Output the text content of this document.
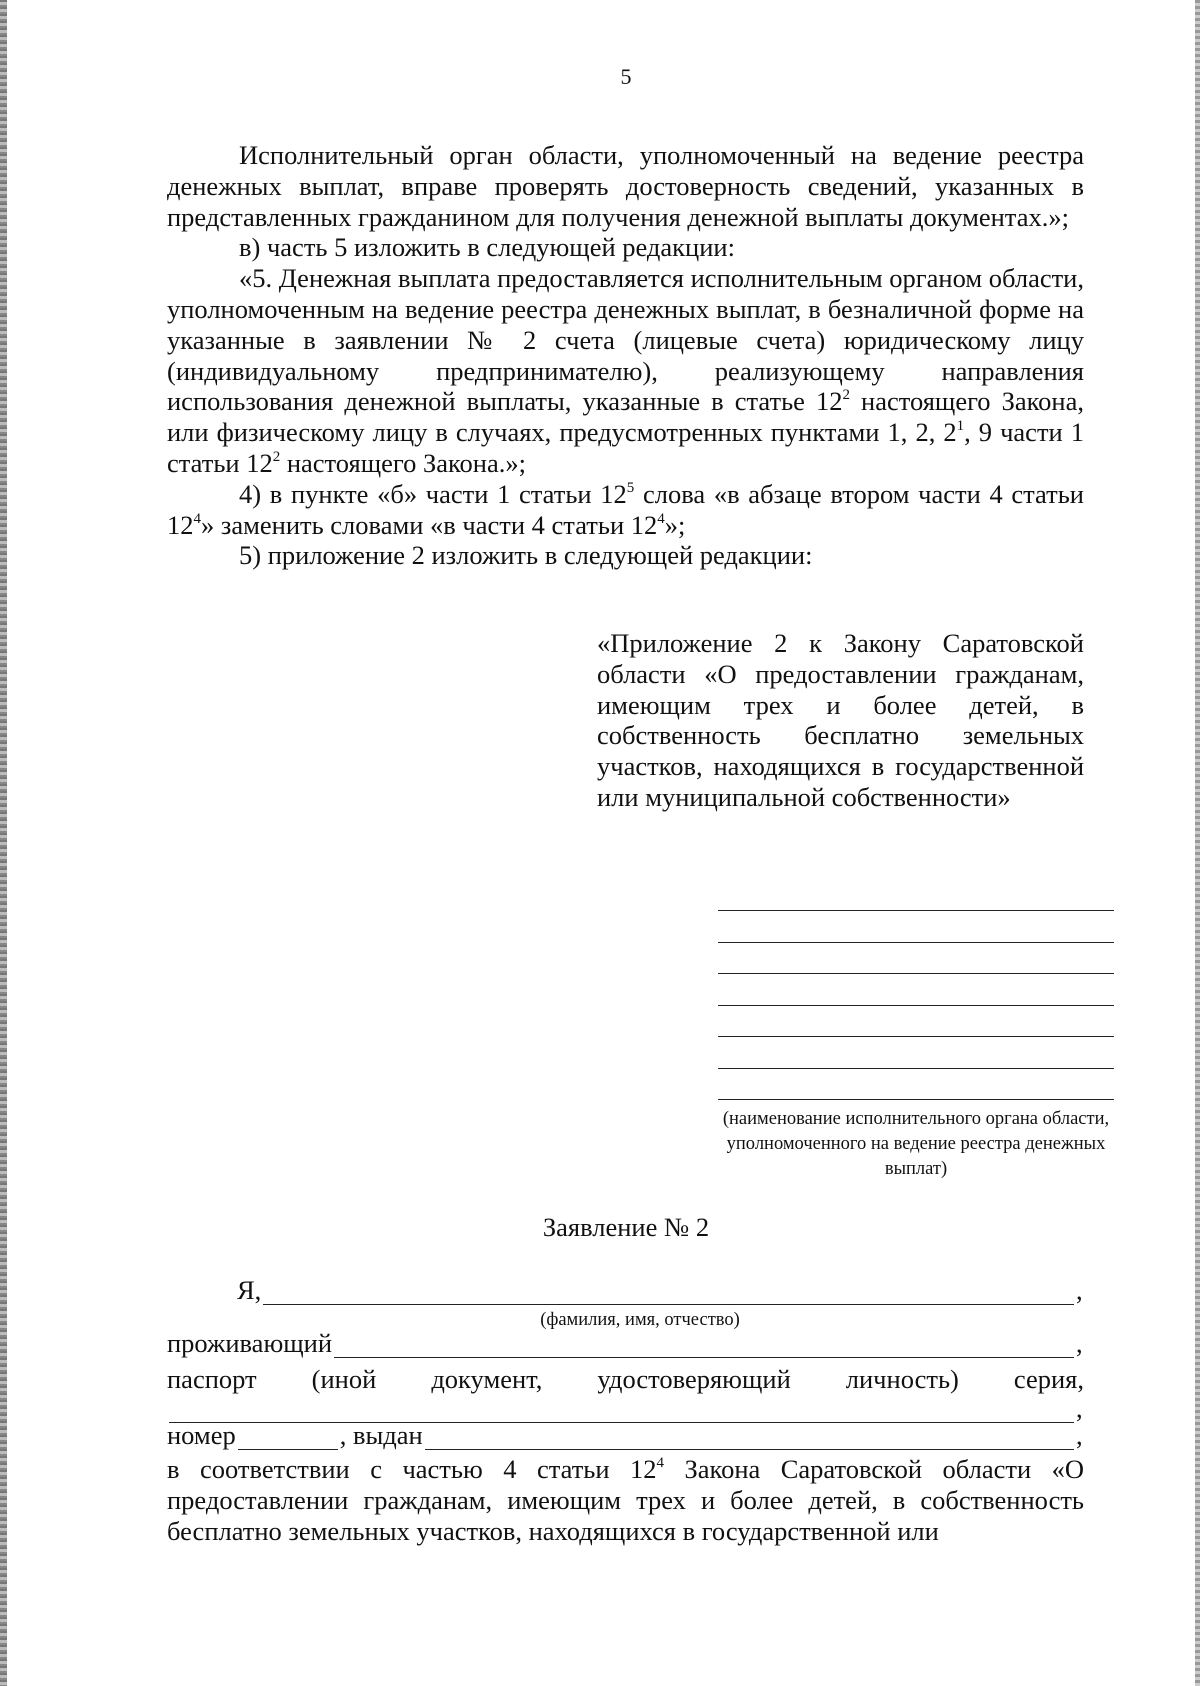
5

Исполнительный орган области, уполномоченный на ведение реестра денежных выплат, вправе проверять достоверность сведений, указанных в представленных гражданином для получения денежной выплаты документах.»;

в) часть 5 изложить в следующей редакции:

«5. Денежная выплата предоставляется исполнительным органом области, уполномоченным на ведение реестра денежных выплат, в безналичной форме на указанные в заявлении № 2 счета (лицевые счета) юридическому лицу (индивидуальному предпринимателю), реализующему направления использования денежной выплаты, указанные в статье $12^2$ настоящего Закона, или физическому лицу в случаях, предусмотренных пунктами 1, 2, $2^1$, 9 части 1 статьи $12^2$ настоящего Закона.»;

4) в пункте «б» части 1 статьи $12^5$ слова «в абзаце втором части 4 статьи $12^4$» заменить словами «в части 4 статьи $12^4$»;

5) приложение 2 изложить в следующей редакции:

«Приложение 2 к Закону Саратовской области «О предоставлении гражданам, имеющим трех и более детей, в собственность бесплатно земельных участков, находящихся в государственной или муниципальной собственности»
(наименование исполнительного органа области, уполномоченного на ведение реестра денежных выплат)
Заявление № 2
Я,	,
(фамилия, имя, отчество)
проживающий	,
паспорт (иной документ, удостоверяющий личность) серия,
,
номер	, выдан	,
в соответствии с частью 4 статьи $12^4$ Закона Саратовской области «О предоставлении гражданам, имеющим трех и более детей, в собственность бесплатно земельных участков, находящихся в государственной или
